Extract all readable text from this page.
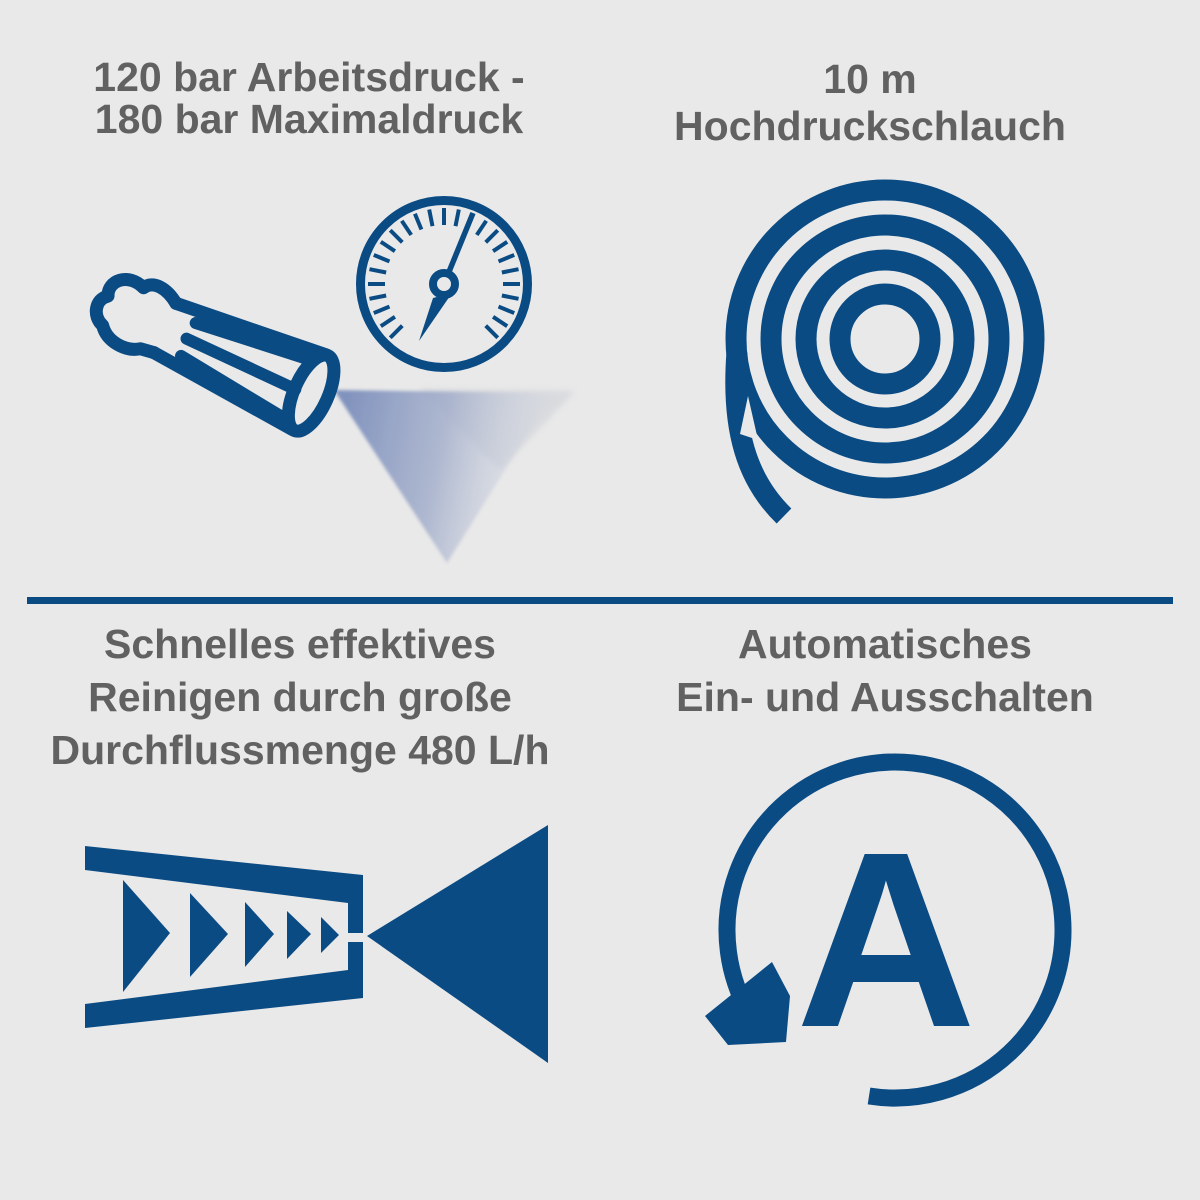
120 bar Arbeitsdruck -
180 bar Maximaldruck
10 m Hochdruckschlauch
Schnelles effektives
Reinigen durch große
Durchflussmenge 480 L/h
Automatisches
Ein- und Ausschalten
A
